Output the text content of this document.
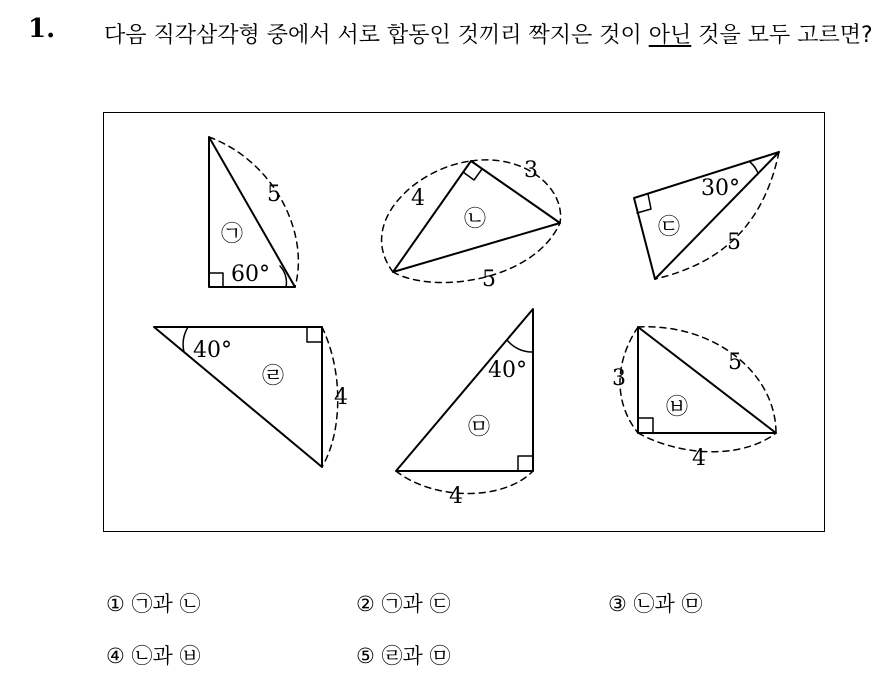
1. 다음 직각삼각형 중에서 서로 합동인 것끼리 짝지은 것이 아닌 것을 모두 고르면?
5
60°
㉠
4
3
5
㉡
30°
5
㉢
40°
4
㉣	40°
4
㉤
3
5
4
㉥
① ㉠과 ㉡	② ㉠과 ㉢	③ ㉡과 ㉤
④ ㉡과 ㉥	⑤ ㉣과 ㉤
